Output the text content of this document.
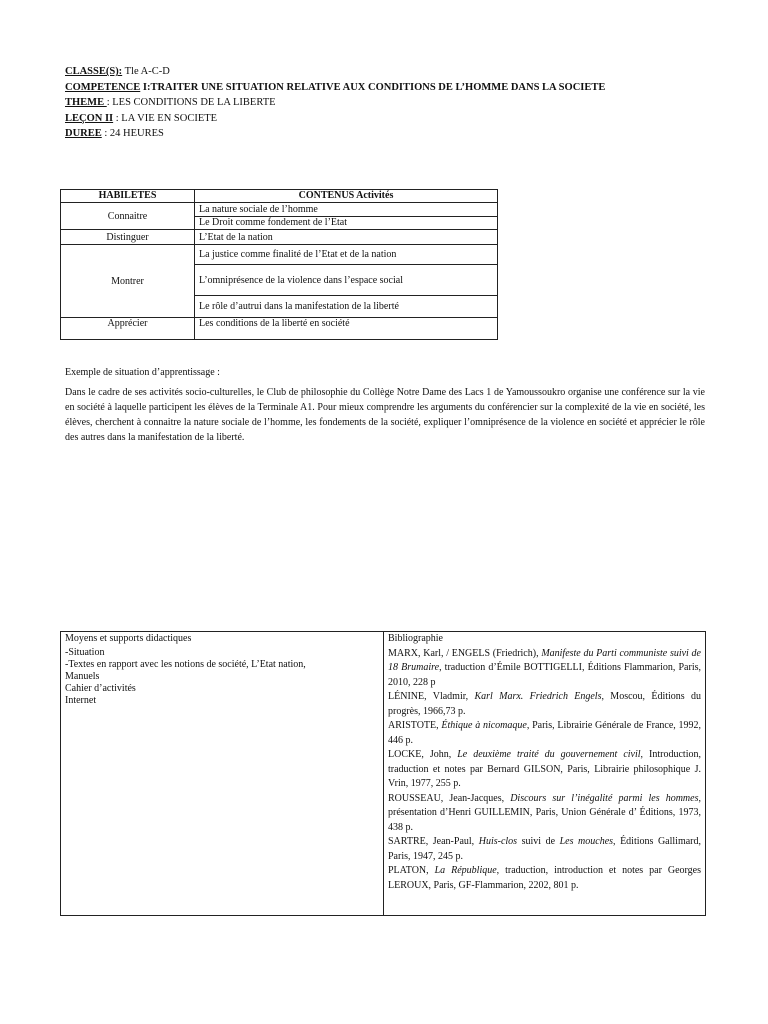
CLASSE(S): Tle A-C-D
COMPETENCE I:TRAITER UNE SITUATION RELATIVE AUX CONDITIONS DE L’HOMME DANS LA SOCIETE
THEME : LES CONDITIONS DE LA LIBERTE
LEÇON II : LA VIE EN SOCIETE
DUREE : 24 HEURES
HABILETES	CONTENUS Activités
Connaitre	La nature sociale de l’homme
	Le Droit comme fondement de l’Etat
Distinguer	L’Etat de la nation
Montrer	La justice comme finalité de l’Etat et de la nation
	L’omniprésence de la violence dans l’espace social
	Le rôle d’autrui dans la manifestation de la liberté
Apprécier	Les conditions de la liberté en société

Exemple de situation d’apprentissage :

Dans le cadre de ses activités socio-culturelles, le Club de philosophie du Collège Notre Dame des Lacs 1 de Yamoussoukro organise une conférence sur la vie en société à laquelle participent les élèves de la Terminale A1. Pour mieux comprendre les arguments du conférencier sur la complexité de la vie en société, les élèves, cherchent à connaitre la nature sociale de l’homme, les fondements de la société, expliquer l’omniprésence de la violence en société et apprécier le rôle des autres dans la manifestation de la liberté.

Moyens et supports didactiques
-Situation
-Textes en rapport avec les notions de société, L’Etat nation,
Manuels
Cahier d’activités
Internet

Bibliographie
MARX, Karl, / ENGELS (Friedrich), Manifeste du Parti communiste suivi de 18 Brumaire, traduction d’Émile BOTTIGELLI, Éditions Flammarion, Paris, 2010, 228 p
LÉNINE, Vladmir, Karl Marx. Friedrich Engels, Moscou, Éditions du progrès, 1966,73 p.
ARISTOTE, Éthique à nicomaque, Paris, Librairie Générale de France, 1992, 446 p.
LOCKE, John, Le deuxième traité du gouvernement civil, Introduction, traduction et notes par Bernard GILSON, Paris, Librairie philosophique J. Vrin, 1977, 255 p.
ROUSSEAU, Jean-Jacques, Discours sur l’inégalité parmi les hommes, présentation d’Henri GUILLEMIN, Paris, Union Générale d’ Éditions, 1973, 438 p.
SARTRE, Jean-Paul, Huis-clos suivi de Les mouches, Éditions Gallimard, Paris, 1947, 245 p.
PLATON, La République, traduction, introduction et notes par Georges LEROUX, Paris, GF-Flammarion, 2202, 801 p.
